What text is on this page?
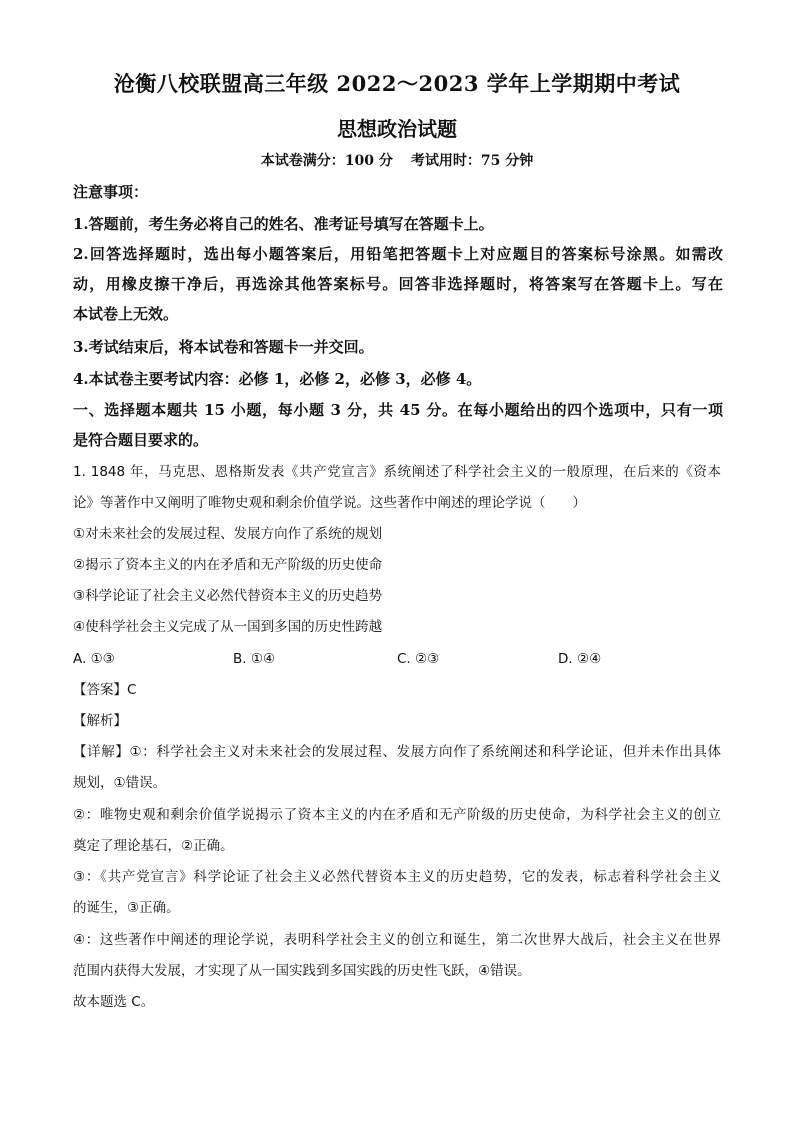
沧衡八校联盟高三年级 2022～2023 学年上学期期中考试
思想政治试题
本试卷满分：100 分 考试用时：75 分钟
注意事项：
1.答题前，考生务必将自己的姓名、准考证号填写在答题卡上。
2.回答选择题时，选出每小题答案后，用铅笔把答题卡上对应题目的答案标号涂黑。如需改
动，用橡皮擦干净后，再选涂其他答案标号。回答非选择题时，将答案写在答题卡上。写在
本试卷上无效。
3.考试结束后，将本试卷和答题卡一并交回。
4.本试卷主要考试内容：必修 1，必修 2，必修 3，必修 4。
一、选择题本题共 15 小题，每小题 3 分，共 45 分。在每小题给出的四个选项中，只有一项
是符合题目要求的。
1. 1848 年，马克思、恩格斯发表《共产党宣言》系统阐述了科学社会主义的一般原理，在后来的《资本
论》等著作中又阐明了唯物史观和剩余价值学说。这些著作中阐述的理论学说（　　）
①对未来社会的发展过程、发展方向作了系统的规划
②揭示了资本主义的内在矛盾和无产阶级的历史使命
③科学论证了社会主义必然代替资本主义的历史趋势
④使科学社会主义完成了从一国到多国的历史性跨越
A. ①③	B. ①④	C. ②③	D. ②④
【答案】C
【解析】
【详解】①：科学社会主义对未来社会的发展过程、发展方向作了系统阐述和科学论证，但并未作出具体
规划，①错误。
②：唯物史观和剩余价值学说揭示了资本主义的内在矛盾和无产阶级的历史使命，为科学社会主义的创立
奠定了理论基石，②正确。
③：《共产党宣言》科学论证了社会主义必然代替资本主义的历史趋势，它的发表，标志着科学社会主义
的诞生，③正确。
④：这些著作中阐述的理论学说，表明科学社会主义的创立和诞生，第二次世界大战后，社会主义在世界
范围内获得大发展，才实现了从一国实践到多国实践的历史性飞跃，④错误。
故本题选 C。
